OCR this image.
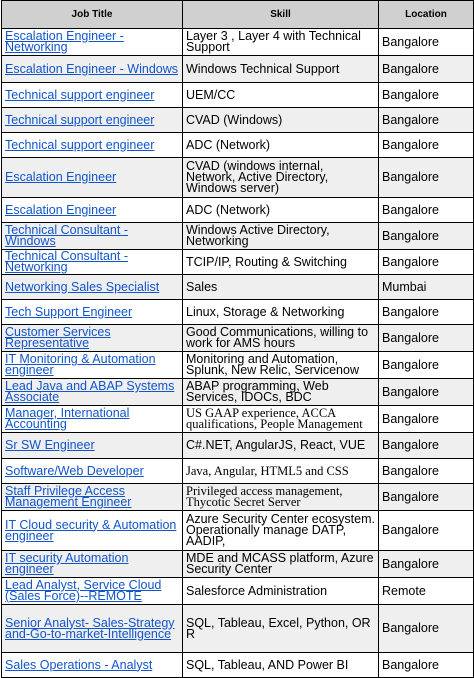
Job Title	Skill	Location

Escalation Engineer - Networking	Layer 3 , Layer 4 with Technical Support	Bangalore

Escalation Engineer - Windows	Windows Technical Support	Bangalore

Technical support engineer	UEM/CC	Bangalore

Technical support engineer	CVAD (Windows)	Bangalore

Technical support engineer	ADC (Network)	Bangalore

Escalation Engineer	CVAD (windows internal, Network, Active Directory, Windows server)	Bangalore

Escalation Engineer	ADC (Network)	Bangalore

Technical Consultant - Windows	Windows Active Directory, Networking	Bangalore

Technical Consultant - Networking	TCIP/IP, Routing & Switching	Bangalore

Networking Sales Specialist	Sales	Mumbai

Tech Support Engineer	Linux, Storage & Networking	Bangalore

Customer Services Representative	Good Communications, willing to work for AMS hours	Bangalore

IT Monitoring & Automation engineer	Monitoring and Automation, Splunk, New Relic, Servicenow	Bangalore

Lead Java and ABAP Systems Associate	ABAP programming, Web Services, IDOCs, BDC	Bangalore

Manager, International Accounting	US GAAP experience, ACCA qualifications, People Management	Bangalore

Sr SW Engineer	C#.NET, AngularJS, React, VUE	Bangalore

Software/Web Developer	Java, Angular, HTML5 and CSS	Bangalore

Staff Privilege Access Management Engineer	Privileged access management, Thycotic Secret Server	Bangalore

IT Cloud security & Automation engineer	Azure Security Center ecosystem. Operationally manage DATP, AADIP,	Bangalore

IT security Automation engineer	MDE and MCASS platform, Azure Security Center	Bangalore

Lead Analyst, Service Cloud (Sales Force)--REMOTE	Salesforce Administration	Remote

Senior Analyst- Sales-Strategy and-Go-to-market-Intelligence	SQL, Tableau, Excel, Python, OR R	Bangalore

Sales Operations - Analyst	SQL, Tableau, AND Power BI	Bangalore
